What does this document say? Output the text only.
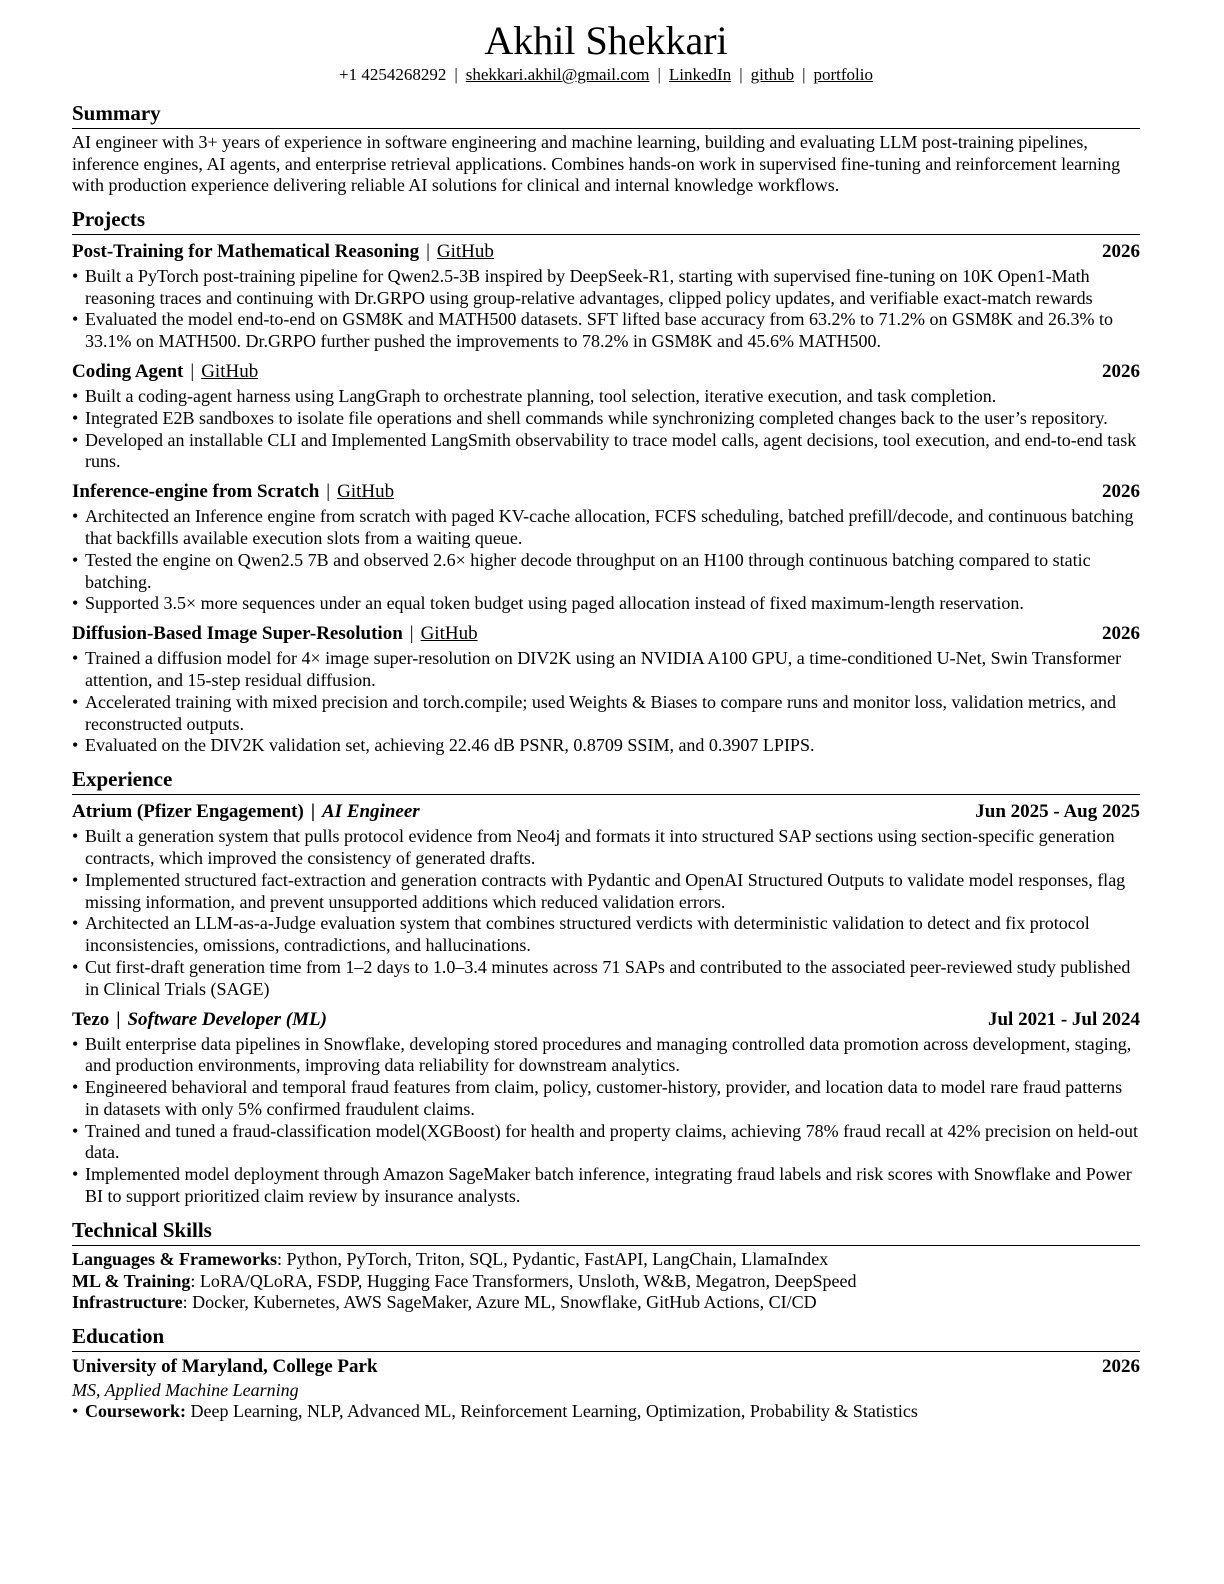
Akhil Shekkari
+1 4254268292 | shekkari.akhil@gmail.com | LinkedIn | github | portfolio
Summary
AI engineer with 3+ years of experience in software engineering and machine learning, building and evaluating LLM post-training pipelines, inference engines, AI agents, and enterprise retrieval applications. Combines hands-on work in supervised fine-tuning and reinforcement learning with production experience delivering reliable AI solutions for clinical and internal knowledge workflows.
Projects
Post-Training for Mathematical Reasoning | GitHub	2026
• Built a PyTorch post-training pipeline for Qwen2.5-3B inspired by DeepSeek-R1, starting with supervised fine-tuning on 10K Open1-Math reasoning traces and continuing with Dr.GRPO using group-relative advantages, clipped policy updates, and verifiable exact-match rewards
• Evaluated the model end-to-end on GSM8K and MATH500 datasets. SFT lifted base accuracy from 63.2% to 71.2% on GSM8K and 26.3% to 33.1% on MATH500. Dr.GRPO further pushed the improvements to 78.2% in GSM8K and 45.6% MATH500.
Coding Agent | GitHub	2026
• Built a coding-agent harness using LangGraph to orchestrate planning, tool selection, iterative execution, and task completion.
• Integrated E2B sandboxes to isolate file operations and shell commands while synchronizing completed changes back to the user’s repository.
• Developed an installable CLI and Implemented LangSmith observability to trace model calls, agent decisions, tool execution, and end-to-end task runs.
Inference-engine from Scratch | GitHub	2026
• Architected an Inference engine from scratch with paged KV-cache allocation, FCFS scheduling, batched prefill/decode, and continuous batching that backfills available execution slots from a waiting queue.
• Tested the engine on Qwen2.5 7B and observed 2.6× higher decode throughput on an H100 through continuous batching compared to static batching.
• Supported 3.5× more sequences under an equal token budget using paged allocation instead of fixed maximum-length reservation.
Diffusion-Based Image Super-Resolution | GitHub	2026
• Trained a diffusion model for 4× image super-resolution on DIV2K using an NVIDIA A100 GPU, a time-conditioned U-Net, Swin Transformer attention, and 15-step residual diffusion.
• Accelerated training with mixed precision and torch.compile; used Weights & Biases to compare runs and monitor loss, validation metrics, and reconstructed outputs.
• Evaluated on the DIV2K validation set, achieving 22.46 dB PSNR, 0.8709 SSIM, and 0.3907 LPIPS.
Experience
Atrium (Pfizer Engagement) | AI Engineer	Jun 2025 - Aug 2025
• Built a generation system that pulls protocol evidence from Neo4j and formats it into structured SAP sections using section-specific generation contracts, which improved the consistency of generated drafts.
• Implemented structured fact-extraction and generation contracts with Pydantic and OpenAI Structured Outputs to validate model responses, flag missing information, and prevent unsupported additions which reduced validation errors.
• Architected an LLM-as-a-Judge evaluation system that combines structured verdicts with deterministic validation to detect and fix protocol inconsistencies, omissions, contradictions, and hallucinations.
• Cut first-draft generation time from 1–2 days to 1.0–3.4 minutes across 71 SAPs and contributed to the associated peer-reviewed study published in Clinical Trials (SAGE)
Tezo | Software Developer (ML)	Jul 2021 - Jul 2024
• Built enterprise data pipelines in Snowflake, developing stored procedures and managing controlled data promotion across development, staging, and production environments, improving data reliability for downstream analytics.
• Engineered behavioral and temporal fraud features from claim, policy, customer-history, provider, and location data to model rare fraud patterns in datasets with only 5% confirmed fraudulent claims.
• Trained and tuned a fraud-classification model(XGBoost) for health and property claims, achieving 78% fraud recall at 42% precision on held-out data.
• Implemented model deployment through Amazon SageMaker batch inference, integrating fraud labels and risk scores with Snowflake and Power BI to support prioritized claim review by insurance analysts.
Technical Skills
Languages & Frameworks: Python, PyTorch, Triton, SQL, Pydantic, FastAPI, LangChain, LlamaIndex
ML & Training: LoRA/QLoRA, FSDP, Hugging Face Transformers, Unsloth, W&B, Megatron, DeepSpeed
Infrastructure: Docker, Kubernetes, AWS SageMaker, Azure ML, Snowflake, GitHub Actions, CI/CD
Education
University of Maryland, College Park	2026
MS, Applied Machine Learning
• Coursework: Deep Learning, NLP, Advanced ML, Reinforcement Learning, Optimization, Probability & Statistics
